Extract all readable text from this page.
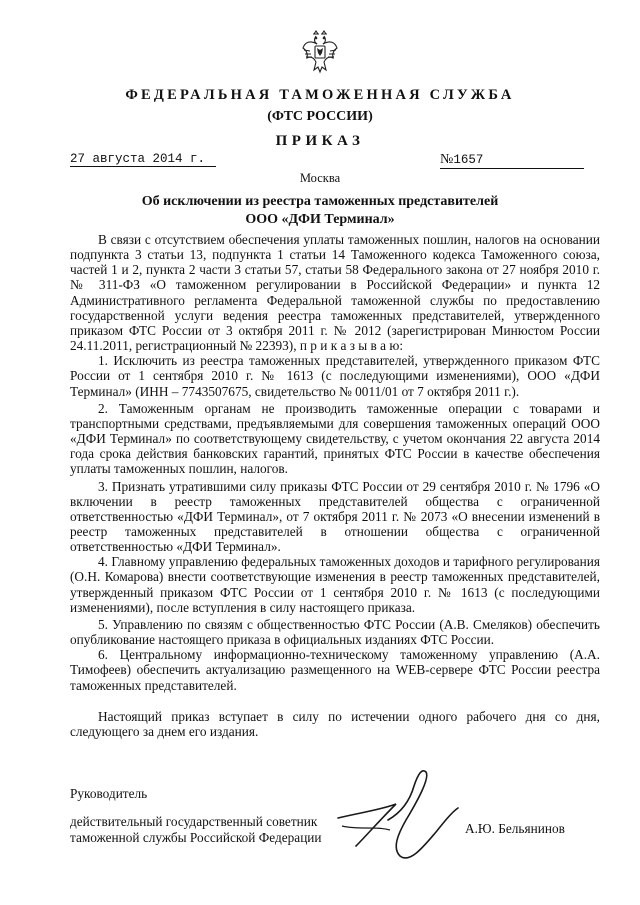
ФЕДЕРАЛЬНАЯ ТАМОЖЕННАЯ СЛУЖБА
(ФТС РОССИИ)
ПРИКАЗ
27 августа 2014 г.	№1657
Москва
Об исключении из реестра таможенных представителей
ООО «ДФИ Терминал»

В связи с отсутствием обеспечения уплаты таможенных пошлин, налогов на основании подпункта 3 статьи 13, подпункта 1 статьи 14 Таможенного кодекса Таможенного союза, частей 1 и 2, пункта 2 части 3 статьи 57, статьи 58 Федерального закона от 27 ноября 2010 г. № 311-ФЗ «О таможенном регулировании в Российской Федерации» и пункта 12 Административного регламента Федеральной таможенной службы по предоставлению государственной услуги ведения реестра таможенных представителей, утвержденного приказом ФТС России от 3 октября 2011 г. № 2012 (зарегистрирован Минюстом России 24.11.2011, регистрационный № 22393), п р и к а з ы в а ю:

1. Исключить из реестра таможенных представителей, утвержденного приказом ФТС России от 1 сентября 2010 г. № 1613 (с последующими изменениями), ООО «ДФИ Терминал» (ИНН – 7743507675, свидетельство № 0011/01 от 7 октября 2011 г.).

2. Таможенным органам не производить таможенные операции с товарами и транспортными средствами, предъявляемыми для совершения таможенных операций ООО «ДФИ Терминал» по соответствующему свидетельству, с учетом окончания 22 августа 2014 года срока действия банковских гарантий, принятых ФТС России в качестве обеспечения уплаты таможенных пошлин, налогов.

3. Признать утратившими силу приказы ФТС России от 29 сентября 2010 г. № 1796 «О включении в реестр таможенных представителей общества с ограниченной ответственностью «ДФИ Терминал», от 7 октября 2011 г. № 2073 «О внесении изменений в реестр таможенных представителей в отношении общества с ограниченной ответственностью «ДФИ Терминал».

4. Главному управлению федеральных таможенных доходов и тарифного регулирования (О.Н. Комарова) внести соответствующие изменения в реестр таможенных представителей, утвержденный приказом ФТС России от 1 сентября 2010 г. № 1613 (с последующими изменениями), после вступления в силу настоящего приказа.

5. Управлению по связям с общественностью ФТС России (А.В. Смеляков) обеспечить опубликование настоящего приказа в официальных изданиях ФТС России.

6. Центральному информационно-техническому таможенному управлению (А.А. Тимофеев) обеспечить актуализацию размещенного на WEB-сервере ФТС России реестра таможенных представителей.

Настоящий приказ вступает в силу по истечении одного рабочего дня со дня, следующего за днем его издания.

Руководитель
действительный государственный советник
таможенной службы Российской Федерации
А.Ю. Бельянинов
